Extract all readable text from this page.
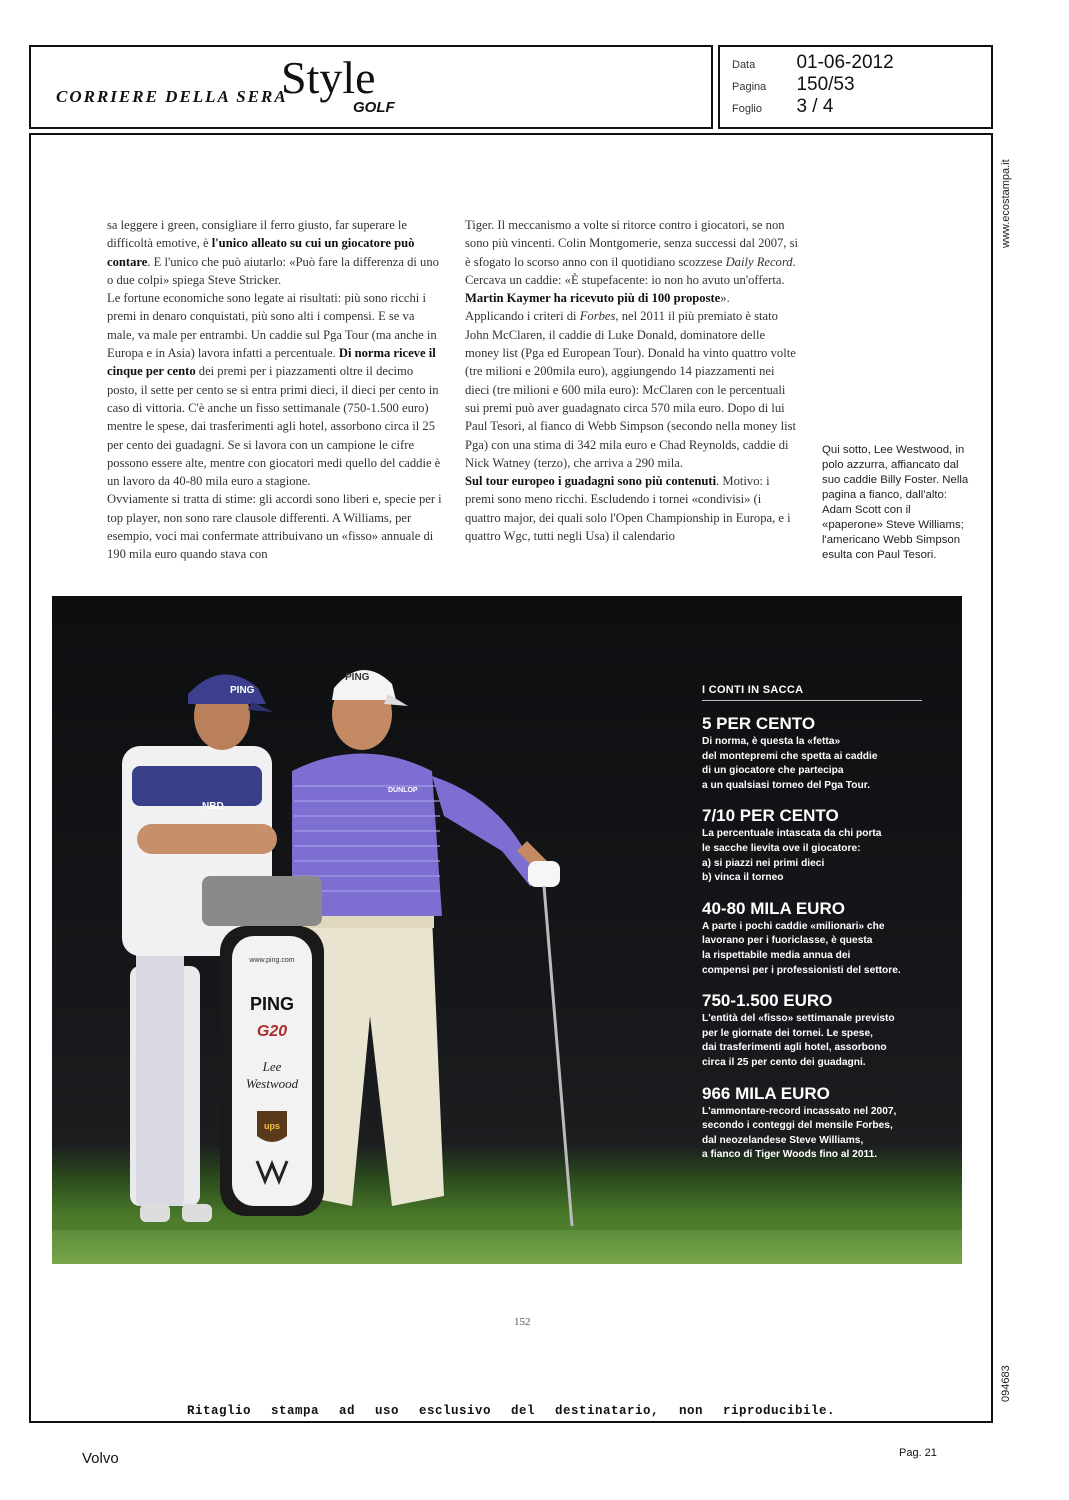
CORRIERE DELLA SERA
Style
GOLF
Data 01-06-2012
Pagina 150/53
Foglio 3 / 4
www.ecostampa.it
094683

sa leggere i green, consigliare il ferro giusto, far superare le difficoltà emotive, è l'unico alleato su cui un giocatore può contare. E l'unico che può aiutarlo: «Può fare la differenza di uno o due colpi» spiega Steve Stricker.

Le fortune economiche sono legate ai risultati: più sono ricchi i premi in denaro conquistati, più sono alti i compensi. E se va male, va male per entrambi. Un caddie sul Pga Tour (ma anche in Europa e in Asia) lavora infatti a percentuale. Di norma riceve il cinque per cento dei premi per i piazzamenti oltre il decimo posto, il sette per cento se si entra primi dieci, il dieci per cento in caso di vittoria. C'è anche un fisso settimanale (750-1.500 euro) mentre le spese, dai trasferimenti agli hotel, assorbono circa il 25 per cento dei guadagni. Se si lavora con un campione le cifre possono essere alte, mentre con giocatori medi quello del caddie è un lavoro da 40-80 mila euro a stagione.

Ovviamente si tratta di stime: gli accordi sono liberi e, specie per i top player, non sono rare clausole differenti. A Williams, per esempio, voci mai confermate attribuivano un «fisso» annuale di 190 mila euro quando stava con

Tiger. Il meccanismo a volte si ritorce contro i giocatori, se non sono più vincenti. Colin Montgomerie, senza successi dal 2007, si è sfogato lo scorso anno con il quotidiano scozzese Daily Record. Cercava un caddie: «È stupefacente: io non ho avuto un'offerta. Martin Kaymer ha ricevuto più di 100 proposte».

Applicando i criteri di Forbes, nel 2011 il più premiato è stato John McClaren, il caddie di Luke Donald, dominatore delle money list (Pga ed European Tour). Donald ha vinto quattro volte (tre milioni e 200mila euro), aggiungendo 14 piazzamenti nei dieci (tre milioni e 600 mila euro): McClaren con le percentuali sui premi può aver guadagnato circa 570 mila euro. Dopo di lui Paul Tesori, al fianco di Webb Simpson (secondo nella money list Pga) con una stima di 342 mila euro e Chad Reynolds, caddie di Nick Watney (terzo), che arriva a 290 mila.

Sul tour europeo i guadagni sono più contenuti. Motivo: i premi sono meno ricchi. Escludendo i tornei «condivisi» (i quattro major, dei quali solo l'Open Championship in Europa, e i quattro Wgc, tutti negli Usa) il calendario

Qui sotto, Lee Westwood, in polo azzurra, affiancato dal suo caddie Billy Foster. Nella pagina a fianco, dall'alto: Adam Scott con il «paperone» Steve Williams; l'americano Webb Simpson esulta con Paul Tesori.
PING
NBD
PING
DUNLOP
www.ping.com
PING
G20
Lee
Westwood
ups
I CONTI IN SACCA
5 PER CENTO
Di norma, è questa la «fetta»
del montepremi che spetta ai caddie
di un giocatore che partecipa
a un qualsiasi torneo del Pga Tour.
7/10 PER CENTO
La percentuale intascata da chi porta
le sacche lievita ove il giocatore:
a) si piazzi nei primi dieci
b) vinca il torneo
40-80 MILA EURO
A parte i pochi caddie «milionari» che
lavorano per i fuoriclasse, è questa
la rispettabile media annua dei
compensi per i professionisti del settore.
750-1.500 EURO
L'entità del «fisso» settimanale previsto
per le giornate dei tornei. Le spese,
dai trasferimenti agli hotel, assorbono
circa il 25 per cento dei guadagni.
966 MILA EURO
L'ammontare-record incassato nel 2007,
secondo i conteggi del mensile Forbes,
dal neozelandese Steve Williams,
a fianco di Tiger Woods fino al 2011.
152
Ritaglio stampa ad uso esclusivo del destinatario, non riproducibile.
Volvo	Pag. 21
